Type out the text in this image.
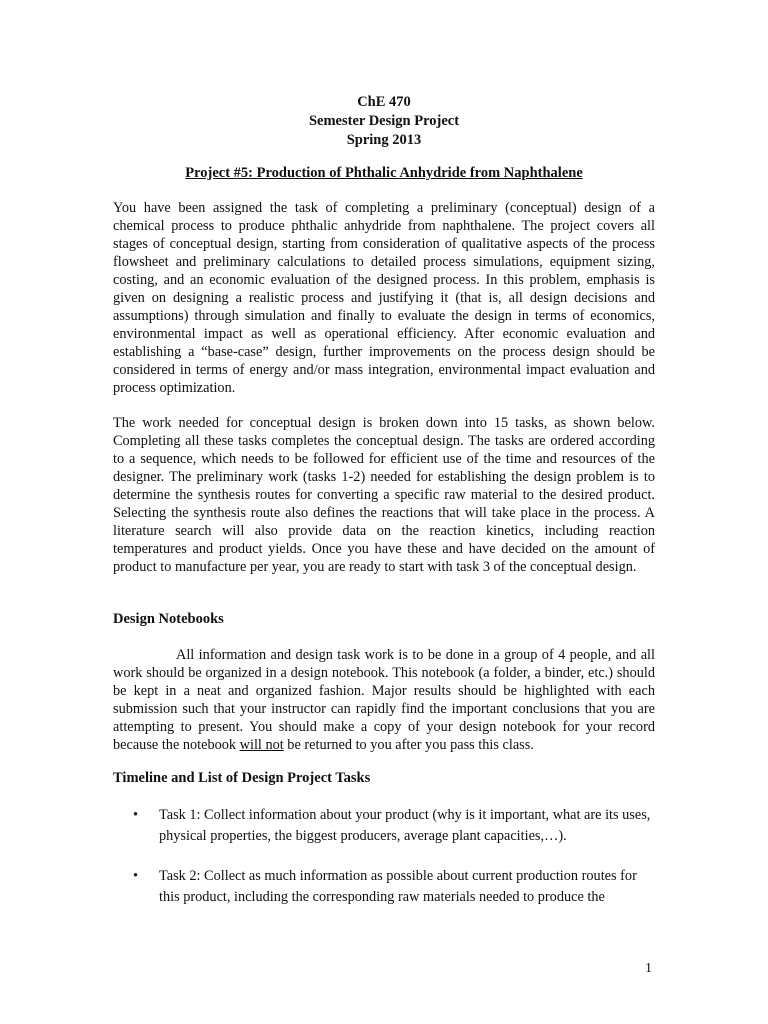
ChE 470
Semester Design Project
Spring 2013
Project #5: Production of Phthalic Anhydride from Naphthalene

You have been assigned the task of completing a preliminary (conceptual) design of a chemical process to produce phthalic anhydride from naphthalene. The project covers all stages of conceptual design, starting from consideration of qualitative aspects of the process flowsheet and preliminary calculations to detailed process simulations, equipment sizing, costing, and an economic evaluation of the designed process. In this problem, emphasis is given on designing a realistic process and justifying it (that is, all design decisions and assumptions) through simulation and finally to evaluate the design in terms of economics, environmental impact as well as operational efficiency. After economic evaluation and establishing a “base-case” design, further improvements on the process design should be considered in terms of energy and/or mass integration, environmental impact evaluation and process optimization.

The work needed for conceptual design is broken down into 15 tasks, as shown below. Completing all these tasks completes the conceptual design. The tasks are ordered according to a sequence, which needs to be followed for efficient use of the time and resources of the designer. The preliminary work (tasks 1-2) needed for establishing the design problem is to determine the synthesis routes for converting a specific raw material to the desired product. Selecting the synthesis route also defines the reactions that will take place in the process. A literature search will also provide data on the reaction kinetics, including reaction temperatures and product yields. Once you have these and have decided on the amount of product to manufacture per year, you are ready to start with task 3 of the conceptual design.

Design Notebooks

All information and design task work is to be done in a group of 4 people, and all work should be organized in a design notebook. This notebook (a folder, a binder, etc.) should be kept in a neat and organized fashion. Major results should be highlighted with each submission such that your instructor can rapidly find the important conclusions that you are attempting to present. You should make a copy of your design notebook for your record because the notebook will not be returned to you after you pass this class.

Timeline and List of Design Project Tasks
• Task 1: Collect information about your product (why is it important, what are its uses, physical properties, the biggest producers, average plant capacities,…).
• Task 2: Collect as much information as possible about current production routes for this product, including the corresponding raw materials needed to produce the
1
